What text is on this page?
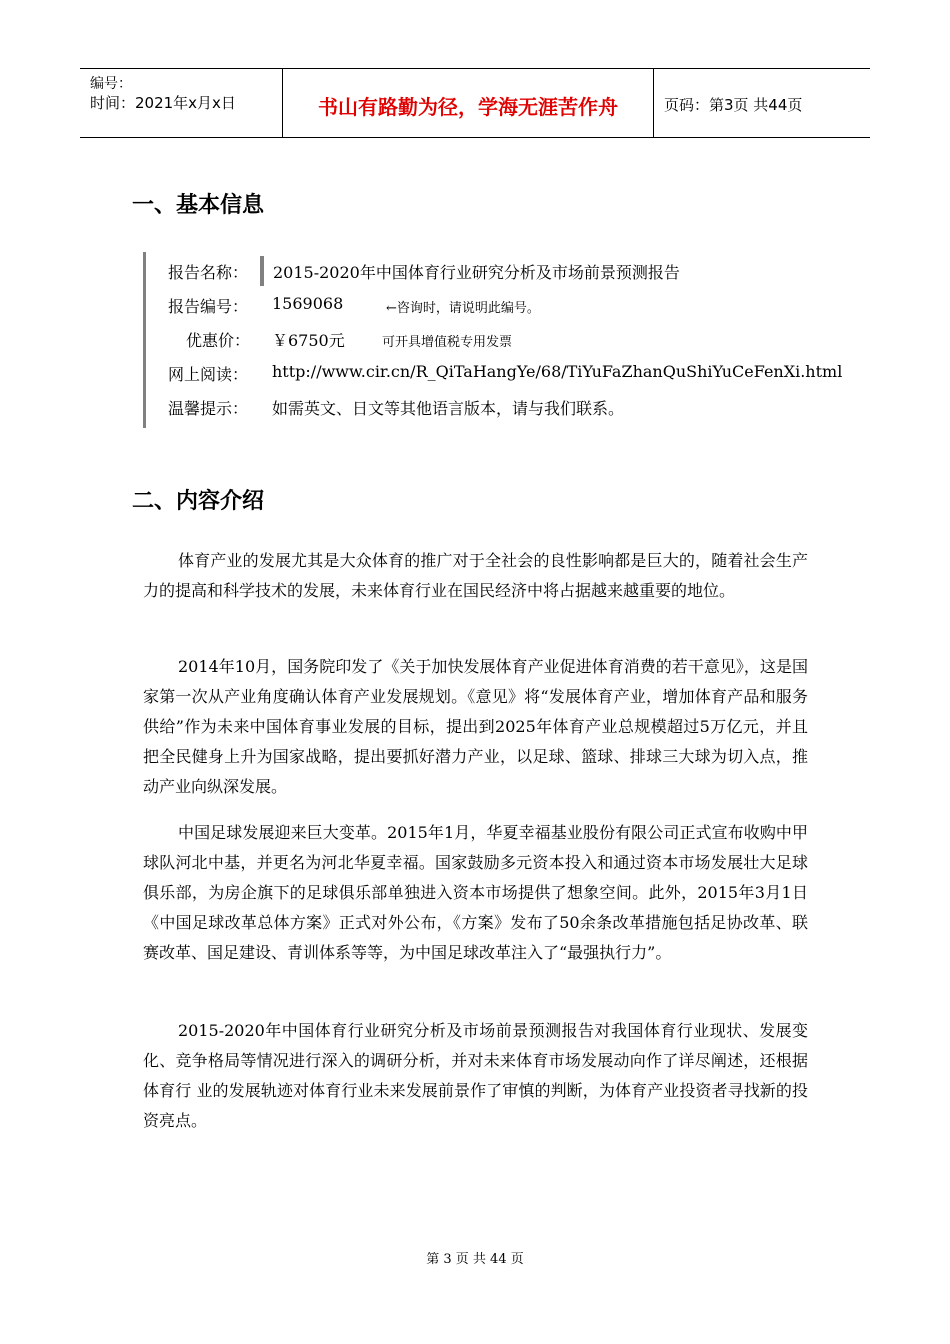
编号：
时间：2021年x月x日	书山有路勤为径，学海无涯苦作舟	页码：第3页 共44页
一、基本信息
报告名称： 2015-2020年中国体育行业研究分析及市场前景预测报告
报告编号： 1569068	←咨询时，请说明此编号。
优惠价： ￥6750元	可开具增值税专用发票
网上阅读： http://www.cir.cn/R_QiTaHangYe/68/TiYuFaZhanQuShiYuCeFenXi.html
温馨提示： 如需英文、日文等其他语言版本，请与我们联系。
二、内容介绍

体育产业的发展尤其是大众体育的推广对于全社会的良性影响都是巨大的，随着社会生产力的提高和科学技术的发展，未来体育行业在国民经济中将占据越来越重要的地位。

2014年10月，国务院印发了《关于加快发展体育产业促进体育消费的若干意见》，这是国家第一次从产业角度确认体育产业发展规划。《意见》将“发展体育产业，增加体育产品和服务供给”作为未来中国体育事业发展的目标，提出到2025年体育产业总规模超过5万亿元，并且把全民健身上升为国家战略，提出要抓好潜力产业，以足球、篮球、排球三大球为切入点，推动产业向纵深发展。

中国足球发展迎来巨大变革。2015年1月，华夏幸福基业股份有限公司正式宣布收购中甲球队河北中基，并更名为河北华夏幸福。国家鼓励多元资本投入和通过资本市场发展壮大足球俱乐部，为房企旗下的足球俱乐部单独进入资本市场提供了想象空间。此外，2015年3月1日《中国足球改革总体方案》正式对外公布，《方案》发布了50余条改革措施包括足协改革、联赛改革、国足建设、青训体系等等，为中国足球改革注入了“最强执行力”。

2015-2020年中国体育行业研究分析及市场前景预测报告对我国体育行业现状、发展变化、竞争格局等情况进行深入的调研分析，并对未来体育市场发展动向作了详尽阐述，还根据体育行 业的发展轨迹对体育行业未来发展前景作了审慎的判断，为体育产业投资者寻找新的投资亮点。

第 3 页 共 44 页
